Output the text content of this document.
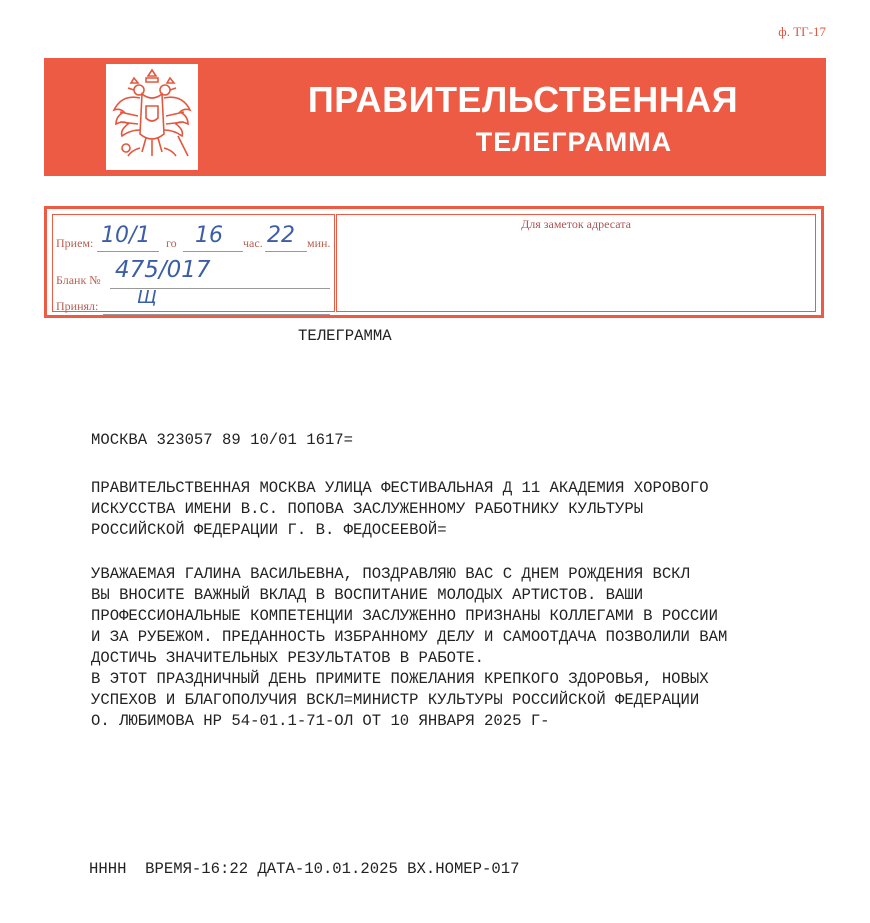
ф. ТГ-17
ПРАВИТЕЛЬСТВЕННАЯ
ТЕЛЕГРАММА
Прием: 10/1 го 16 час. 22 мин.
Бланк № 475/017
Принял: Щ
Для заметок адресата
ТЕЛЕГРАММА
МОСКВА 323057 89 10/01 1617=
ПРАВИТЕЛЬСТВЕННАЯ МОСКВА УЛИЦА ФЕСТИВАЛЬНАЯ Д 11 АКАДЕМИЯ ХОРОВОГО
ИСКУССТВА ИМЕНИ В.С. ПОПОВА ЗАСЛУЖЕННОМУ РАБОТНИКУ КУЛЬТУРЫ
РОССИЙСКОЙ ФЕДЕРАЦИИ Г. В. ФЕДОСЕЕВОЙ=
УВАЖАЕМАЯ ГАЛИНА ВАСИЛЬЕВНА, ПОЗДРАВЛЯЮ ВАС С ДНЕМ РОЖДЕНИЯ ВСКЛ
ВЫ ВНОСИТЕ ВАЖНЫЙ ВКЛАД В ВОСПИТАНИЕ МОЛОДЫХ АРТИСТОВ. ВАШИ
ПРОФЕССИОНАЛЬНЫЕ КОМПЕТЕНЦИИ ЗАСЛУЖЕННО ПРИЗНАНЫ КОЛЛЕГАМИ В РОССИИ
И ЗА РУБЕЖОМ. ПРЕДАННОСТЬ ИЗБРАННОМУ ДЕЛУ И САМООТДАЧА ПОЗВОЛИЛИ ВАМ
ДОСТИЧЬ ЗНАЧИТЕЛЬНЫХ РЕЗУЛЬТАТОВ В РАБОТЕ.
В ЭТОТ ПРАЗДНИЧНЫЙ ДЕНЬ ПРИМИТЕ ПОЖЕЛАНИЯ КРЕПКОГО ЗДОРОВЬЯ, НОВЫХ
УСПЕХОВ И БЛАГОПОЛУЧИЯ ВСКЛ=МИНИСТР КУЛЬТУРЫ РОССИЙСКОЙ ФЕДЕРАЦИИ
О. ЛЮБИМОВА НР 54-01.1-71-ОЛ ОТ 10 ЯНВАРЯ 2025 Г-
НННН  ВРЕМЯ-16:22 ДАТА-10.01.2025 ВХ.НОМЕР-017
